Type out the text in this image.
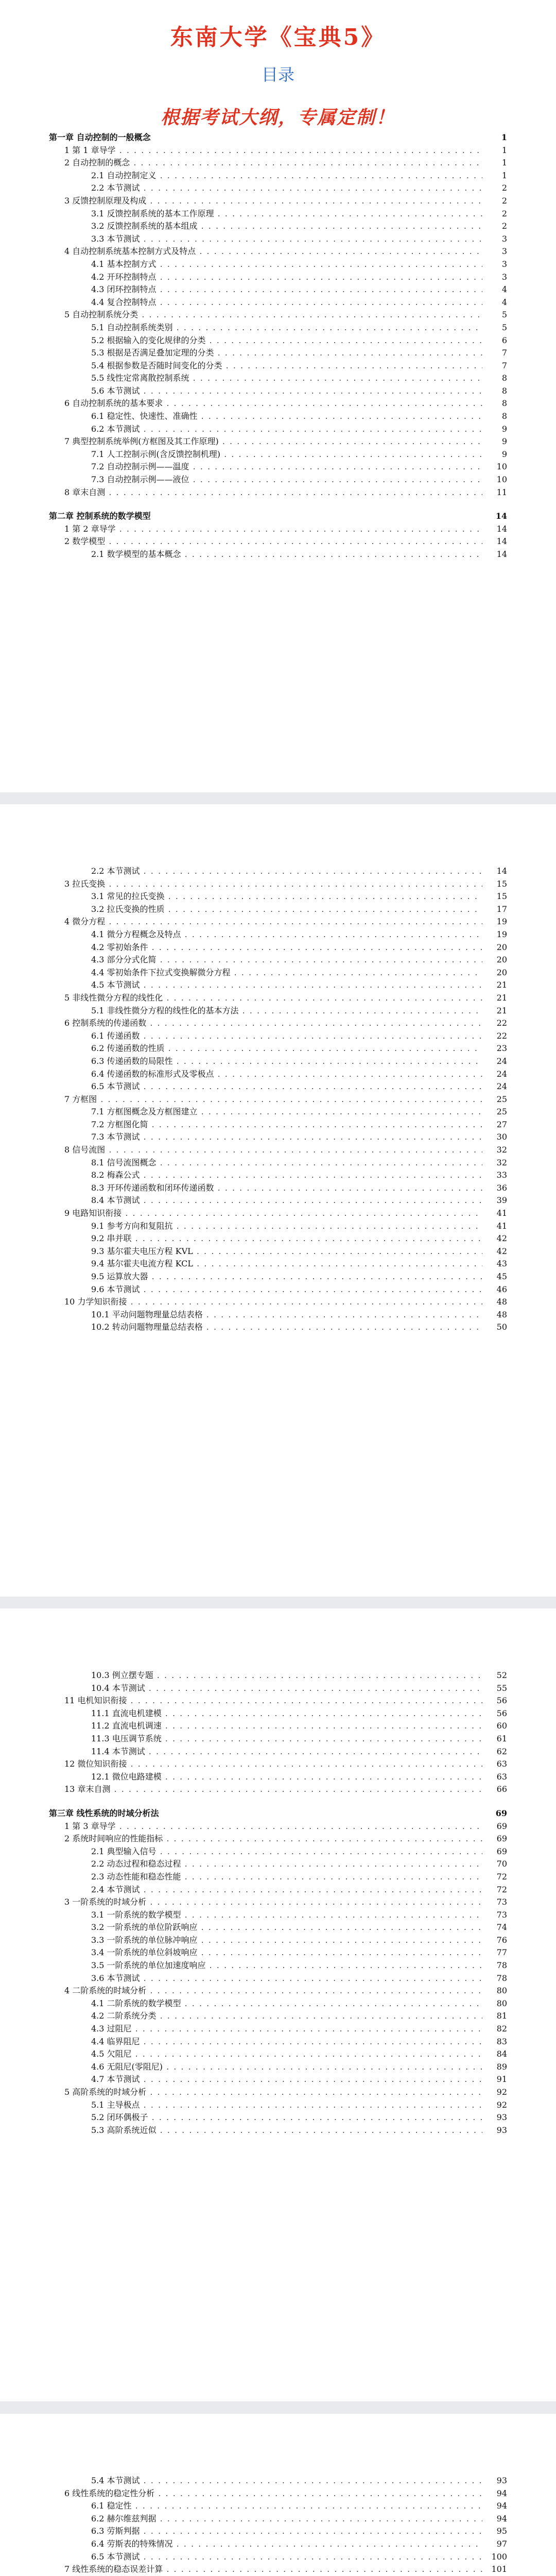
东南大学《宝典5》
目录
根据考试大纲，专属定制！
第一章 自动控制的一般概念	1
1 第 1 章导学 . . .	1
2 自动控制的概念 . . .	1
2.1 自动控制定义 . . .	1
2.2 本节测试 . . .	2
3 反馈控制原理及构成 . . .	2
3.1 反馈控制系统的基本工作原理 . . .	2
3.2 反馈控制系统的基本组成 . . .	2
3.3 本节测试 . . .	3
4 自动控制系统基本控制方式及特点 . . .	3
4.1 基本控制方式 . . .	3
4.2 开环控制特点 . . .	3
4.3 闭环控制特点 . . .	4
4.4 复合控制特点 . . .	4
5 自动控制系统分类 . . .	5
5.1 自动控制系统类别 . . .	5
5.2 根据输入的变化规律的分类 . . .	6
5.3 根据是否满足叠加定理的分类 . . .	7
5.4 根据参数是否随时间变化的分类 . . .	7
5.5 线性定常离散控制系统 . . .	8
5.6 本节测试 . . .	8
6 自动控制系统的基本要求 . . .	8
6.1 稳定性、快速性、准确性 . . .	8
6.2 本节测试 . . .	9
7 典型控制系统举例(方框图及其工作原理) . . .	9
7.1 人工控制示例(含反馈控制机理) . . .	9
7.2 自动控制示例——温度 . . .	10
7.3 自动控制示例——液位 . . .	10
8 章末自测 . . .	11
第二章 控制系统的数学模型	14
1 第 2 章导学 . . .	14
2 数学模型 . . .	14
2.1 数学模型的基本概念 . . .	14
2.2 本节测试 . . .	14
3 拉氏变换 . . .	15
3.1 常见的拉氏变换 . . .	15
3.2 拉氏变换的性质 . . .	17
4 微分方程 . . .	19
4.1 微分方程概念及特点 . . .	19
4.2 零初始条件 . . .	20
4.3 部分分式化简 . . .	20
4.4 零初始条件下拉式变换解微分方程 . . .	20
4.5 本节测试 . . .	21
5 非线性微分方程的线性化 . . .	21
5.1 非线性微分方程的线性化的基本方法 . . .	21
6 控制系统的传递函数 . . .	22
6.1 传递函数 . . .	22
6.2 传递函数的性质 . . .	23
6.3 传递函数的局限性 . . .	24
6.4 传递函数的标准形式及零极点 . . .	24
6.5 本节测试 . . .	24
7 方框图 . . .	25
7.1 方框图概念及方框图建立 . . .	25
7.2 方框图化简 . . .	27
7.3 本节测试 . . .	30
8 信号流图 . . .	32
8.1 信号流图概念 . . .	32
8.2 梅森公式 . . .	33
8.3 开环传递函数和闭环传递函数 . . .	36
8.4 本节测试 . . .	39
9 电路知识衔接 . . .	41
9.1 参考方向和复阻抗 . . .	41
9.2 串并联 . . .	42
9.3 基尔霍夫电压方程 KVL . . .	42
9.4 基尔霍夫电流方程 KCL . . .	43
9.5 运算放大器 . . .	45
9.6 本节测试 . . .	46
10 力学知识衔接 . . .	48
10.1 平动问题物理量总结表格 . . .	48
10.2 转动问题物理量总结表格 . . .	50
10.3 例立摆专题 . . .	52
10.4 本节测试 . . .	55
11 电机知识衔接 . . .	56
11.1 直流电机建模 . . .	56
11.2 直流电机调速 . . .	60
11.3 电压调节系统 . . .	61
11.4 本节测试 . . .	62
12 微位知识衔接 . . .	63
12.1 微位电路建模 . . .	63
13 章末自测 . . .	66
第三章 线性系统的时域分析法	69
1 第 3 章导学 . . .	69
2 系统时间响应的性能指标 . . .	69
2.1 典型输入信号 . . .	69
2.2 动态过程和稳态过程 . . .	70
2.3 动态性能和稳态性能 . . .	72
2.4 本节测试 . . .	72
3 一阶系统的时域分析 . . .	73
3.1 一阶系统的数学模型 . . .	73
3.2 一阶系统的单位阶跃响应 . . .	74
3.3 一阶系统的单位脉冲响应 . . .	76
3.4 一阶系统的单位斜坡响应 . . .	77
3.5 一阶系统的单位加速度响应 . . .	78
3.6 本节测试 . . .	78
4 二阶系统的时域分析 . . .	80
4.1 二阶系统的数学模型 . . .	80
4.2 二阶系统分类 . . .	81
4.3 过阻尼 . . .	82
4.4 临界阻尼 . . .	83
4.5 欠阻尼 . . .	84
4.6 无阻尼(零阻尼) . . .	89
4.7 本节测试 . . .	91
5 高阶系统的时域分析 . . .	92
5.1 主导极点 . . .	92
5.2 闭环偶极子 . . .	93
5.3 高阶系统近似 . . .	93
5.4 本节测试 . . .	93
6 线性系统的稳定性分析 . . .	94
6.1 稳定性 . . .	94
6.2 赫尔维兹判据 . . .	94
6.3 劳斯判据 . . .	95
6.4 劳斯表的特殊情况 . . .	97
6.5 本节测试 . . .	100
7 线性系统的稳态误差计算 . . .	101
. . .
